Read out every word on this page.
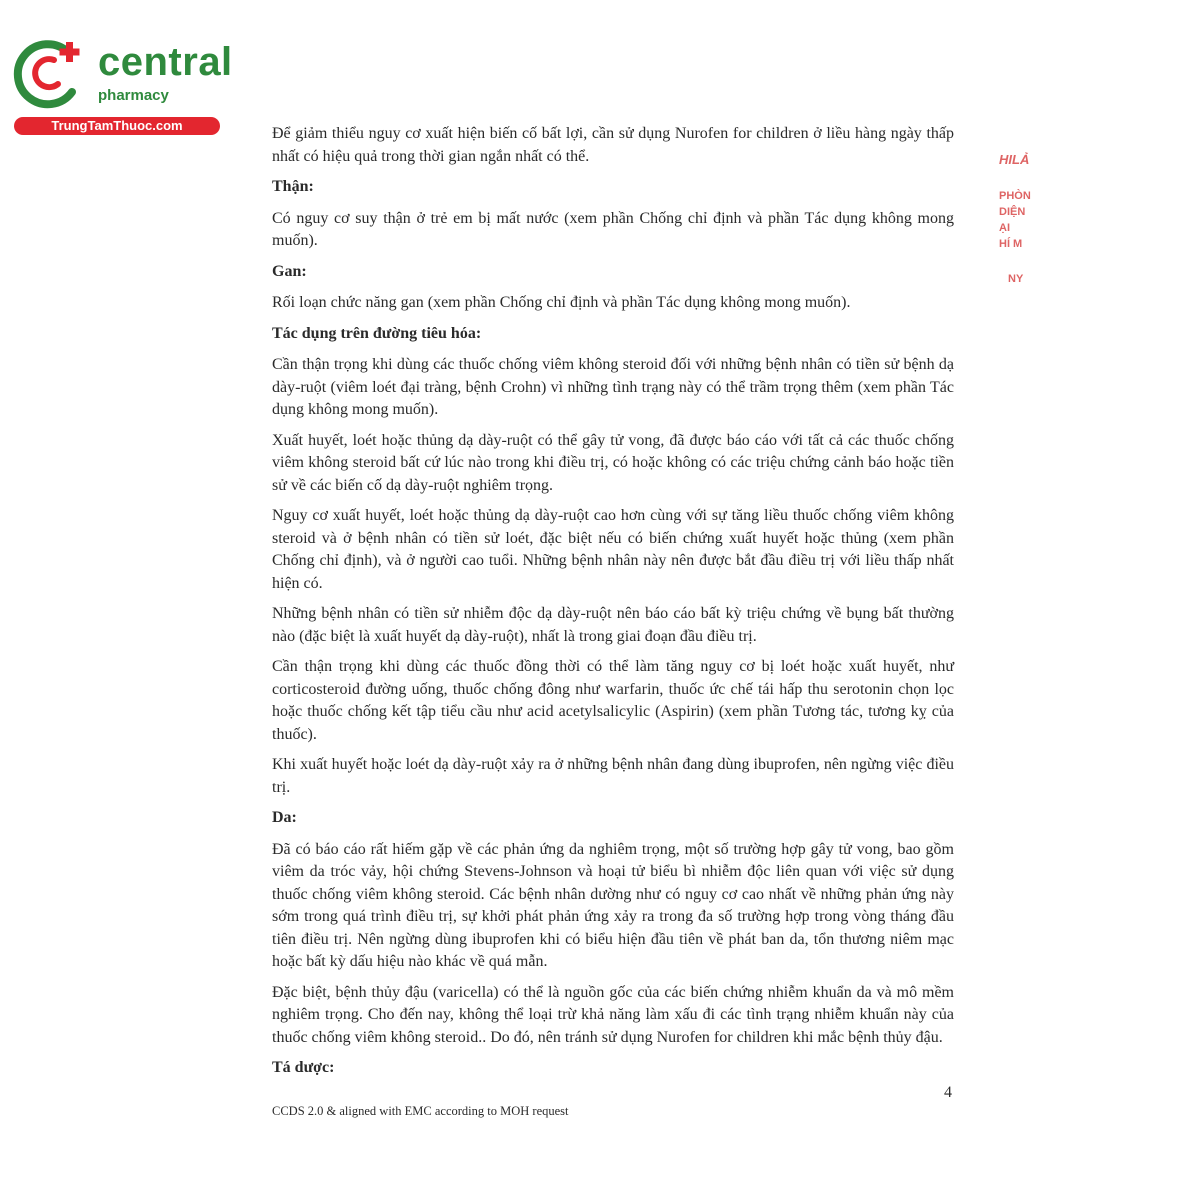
central
pharmacy
TrungTamThuoc.com
HILẢ
PHÒN
DIỆN
ẠI
HÍ M
NY

Để giảm thiểu nguy cơ xuất hiện biến cố bất lợi, cần sử dụng Nurofen for children ở liều hàng ngày thấp nhất có hiệu quả trong thời gian ngắn nhất có thể.

Thận:

Có nguy cơ suy thận ở trẻ em bị mất nước (xem phần Chống chỉ định và phần Tác dụng không mong muốn).

Gan:

Rối loạn chức năng gan (xem phần Chống chỉ định và phần Tác dụng không mong muốn).

Tác dụng trên đường tiêu hóa:

Cần thận trọng khi dùng các thuốc chống viêm không steroid đối với những bệnh nhân có tiền sử bệnh dạ dày-ruột (viêm loét đại tràng, bệnh Crohn) vì những tình trạng này có thể trầm trọng thêm (xem phần Tác dụng không mong muốn).

Xuất huyết, loét hoặc thủng dạ dày-ruột có thể gây tử vong, đã được báo cáo với tất cả các thuốc chống viêm không steroid bất cứ lúc nào trong khi điều trị, có hoặc không có các triệu chứng cảnh báo hoặc tiền sử về các biến cố dạ dày-ruột nghiêm trọng.

Nguy cơ xuất huyết, loét hoặc thủng dạ dày-ruột cao hơn cùng với sự tăng liều thuốc chống viêm không steroid và ở bệnh nhân có tiền sử loét, đặc biệt nếu có biến chứng xuất huyết hoặc thủng (xem phần Chống chỉ định), và ở người cao tuổi. Những bệnh nhân này nên được bắt đầu điều trị với liều thấp nhất hiện có.

Những bệnh nhân có tiền sử nhiễm độc dạ dày-ruột nên báo cáo bất kỳ triệu chứng về bụng bất thường nào (đặc biệt là xuất huyết dạ dày-ruột), nhất là trong giai đoạn đầu điều trị.

Cần thận trọng khi dùng các thuốc đồng thời có thể làm tăng nguy cơ bị loét hoặc xuất huyết, như corticosteroid đường uống, thuốc chống đông như warfarin, thuốc ức chế tái hấp thu serotonin chọn lọc hoặc thuốc chống kết tập tiểu cầu như acid acetylsalicylic (Aspirin) (xem phần Tương tác, tương kỵ của thuốc).

Khi xuất huyết hoặc loét dạ dày-ruột xảy ra ở những bệnh nhân đang dùng ibuprofen, nên ngừng việc điều trị.

Da:

Đã có báo cáo rất hiếm gặp về các phản ứng da nghiêm trọng, một số trường hợp gây tử vong, bao gồm viêm da tróc vảy, hội chứng Stevens-Johnson và hoại tử biểu bì nhiễm độc liên quan với việc sử dụng thuốc chống viêm không steroid. Các bệnh nhân dường như có nguy cơ cao nhất về những phản ứng này sớm trong quá trình điều trị, sự khởi phát phản ứng xảy ra trong đa số trường hợp trong vòng tháng đầu tiên điều trị. Nên ngừng dùng ibuprofen khi có biểu hiện đầu tiên về phát ban da, tổn thương niêm mạc hoặc bất kỳ dấu hiệu nào khác về quá mẫn.

Đặc biệt, bệnh thủy đậu (varicella) có thể là nguồn gốc của các biến chứng nhiễm khuẩn da và mô mềm nghiêm trọng. Cho đến nay, không thể loại trừ khả năng làm xấu đi các tình trạng nhiễm khuẩn này của thuốc chống viêm không steroid.. Do đó, nên tránh sử dụng Nurofen for children khi mắc bệnh thủy đậu.

Tá dược:
4
CCDS 2.0 & aligned with EMC according to MOH request
